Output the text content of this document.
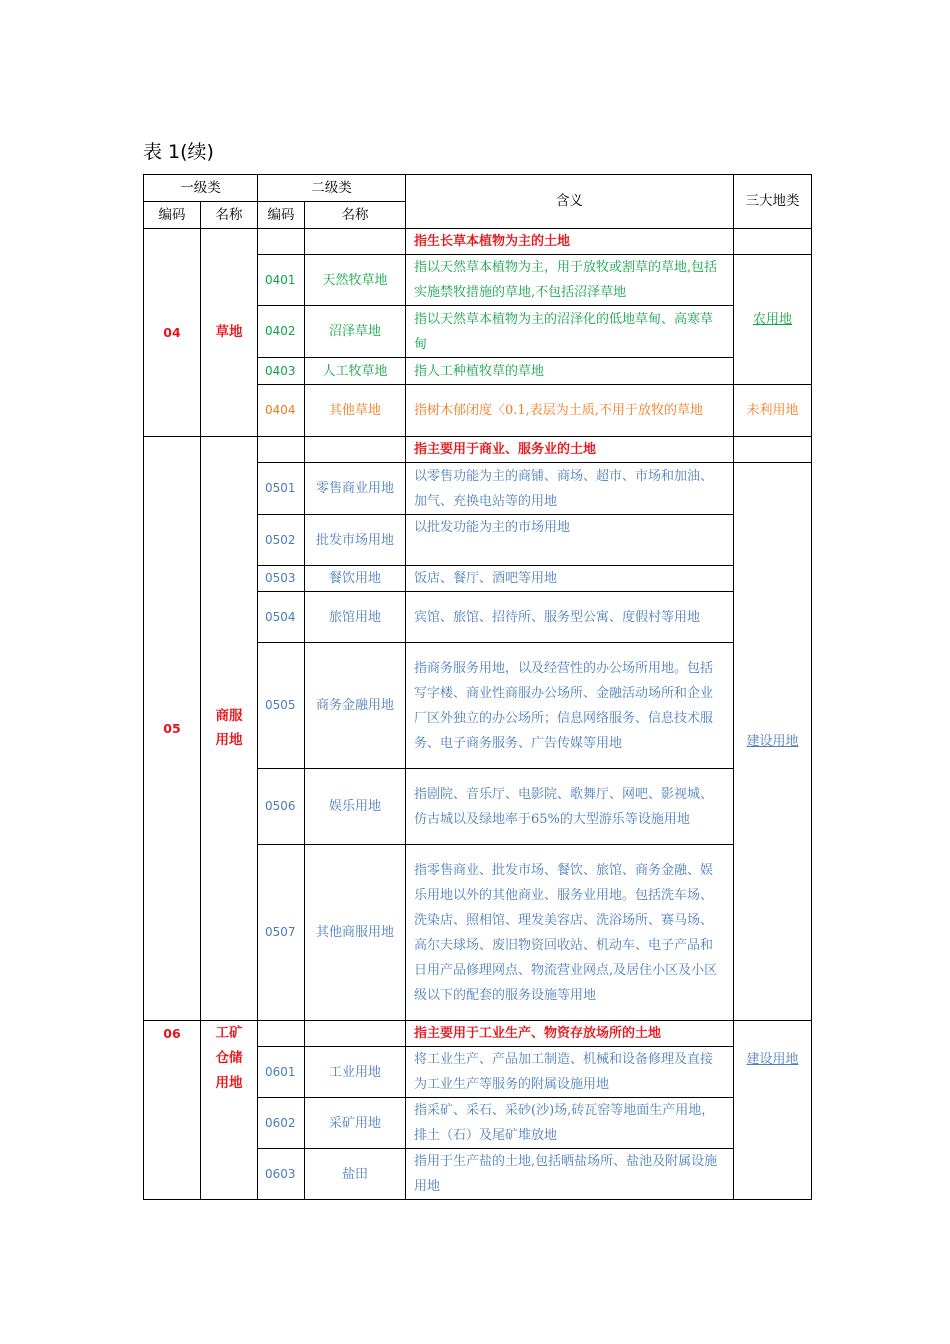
表 1(续)
一级类		二级类		含义	三大地类
编码	名称	编码	名称		
04	草地			指生长草本植物为主的土地	
		0401	天然牧草地	指以天然草本植物为主，用于放牧或割草的草地,包括实施禁牧措施的草地,不包括沼泽草地	农用地
		0402	沼泽草地	指以天然草本植物为主的沼泽化的低地草甸、高寒草甸	
		0403	人工牧草地	指人工种植牧草的草地	
		0404	其他草地	指树木郁闭度〈0.1,表层为土质,不用于放牧的草地	未利用地
05	商服用地			指主要用于商业、服务业的土地	
		0501	零售商业用地	以零售功能为主的商铺、商场、超市、市场和加油、加气、充换电站等的用地	建设用地
		0502	批发市场用地	以批发功能为主的市场用地	
		0503	餐饮用地	饭店、餐厅、酒吧等用地	
		0504	旅馆用地	宾馆、旅馆、招待所、服务型公寓、度假村等用地	
		0505	商务金融用地	指商务服务用地，以及经营性的办公场所用地。包括写字楼、商业性商服办公场所、金融活动场所和企业厂区外独立的办公场所；信息网络服务、信息技术服务、电子商务服务、广告传媒等用地	
		0506	娱乐用地	指剧院、音乐厅、电影院、歌舞厅、网吧、影视城、仿古城以及绿地率于65%的大型游乐等设施用地	
		0507	其他商服用地	指零售商业、批发市场、餐饮、旅馆、商务金融、娱乐用地以外的其他商业、服务业用地。包括洗车场、洗染店、照相馆、理发美容店、洗浴场所、赛马场、高尔夫球场、废旧物资回收站、机动车、电子产品和日用产品修理网点、物流营业网点,及居住小区及小区级以下的配套的服务设施等用地	
06	工矿仓储用地			指主要用于工业生产、物资存放场所的土地	建设用地
		0601	工业用地	将工业生产、产品加工制造、机械和设备修理及直接为工业生产等服务的附属设施用地	
		0602	采矿用地	指采矿、采石、采砂(沙)场,砖瓦窑等地面生产用地，排土（石）及尾矿堆放地	
		0603	盐田	指用于生产盐的土地,包括晒盐场所、盐池及附属设施用地	
